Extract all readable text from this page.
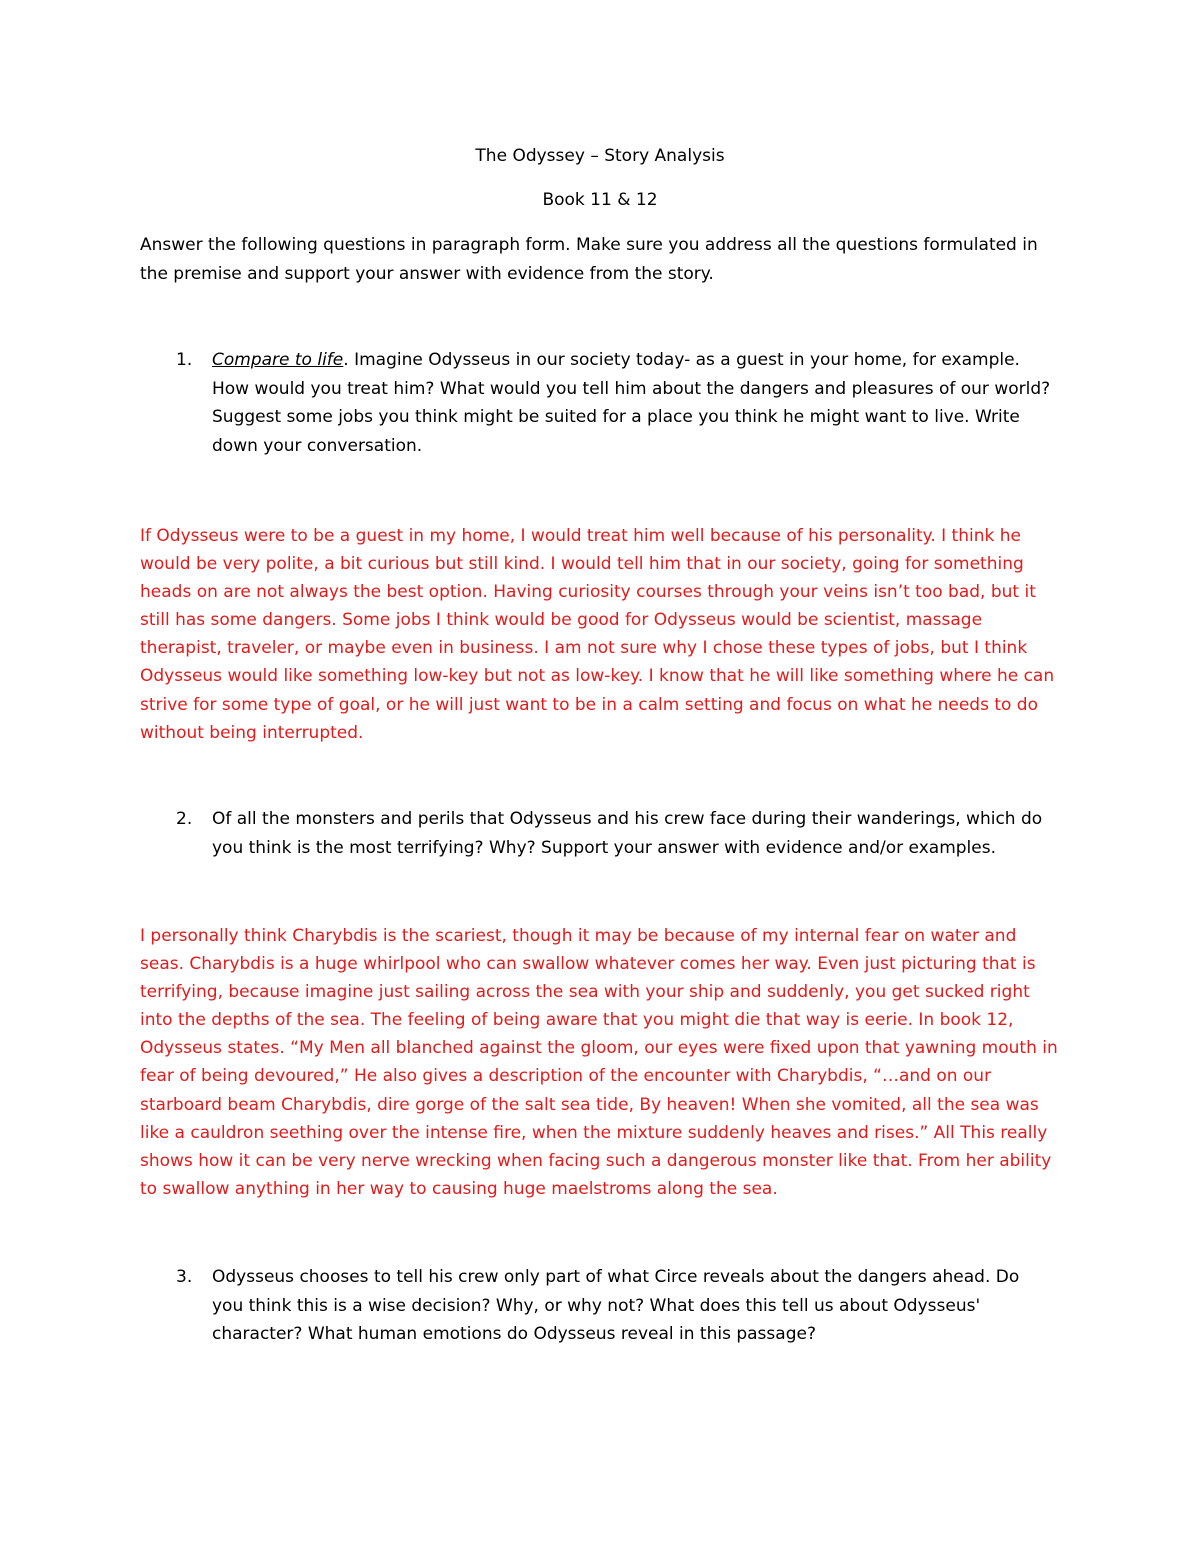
The Odyssey – Story Analysis
Book 11 & 12
Answer the following questions in paragraph form. Make sure you address all the questions formulated in the premise and support your answer with evidence from the story.
1. Compare to life. Imagine Odysseus in our society today- as a guest in your home, for example. How would you treat him? What would you tell him about the dangers and pleasures of our world? Suggest some jobs you think might be suited for a place you think he might want to live. Write down your conversation.
If Odysseus were to be a guest in my home, I would treat him well because of his personality. I think he would be very polite, a bit curious but still kind. I would tell him that in our society, going for something heads on are not always the best option. Having curiosity courses through your veins isn’t too bad, but it still has some dangers. Some jobs I think would be good for Odysseus would be scientist, massage therapist, traveler, or maybe even in business. I am not sure why I chose these types of jobs, but I think Odysseus would like something low-key but not as low-key. I know that he will like something where he can strive for some type of goal, or he will just want to be in a calm setting and focus on what he needs to do without being interrupted.
2. Of all the monsters and perils that Odysseus and his crew face during their wanderings, which do you think is the most terrifying? Why? Support your answer with evidence and/or examples.
I personally think Charybdis is the scariest, though it may be because of my internal fear on water and seas. Charybdis is a huge whirlpool who can swallow whatever comes her way. Even just picturing that is terrifying, because imagine just sailing across the sea with your ship and suddenly, you get sucked right into the depths of the sea. The feeling of being aware that you might die that way is eerie. In book 12, Odysseus states. “My Men all blanched against the gloom, our eyes were fixed upon that yawning mouth in fear of being devoured,” He also gives a description of the encounter with Charybdis, “…and on our starboard beam Charybdis, dire gorge of the salt sea tide, By heaven! When she vomited, all the sea was like a cauldron seething over the intense fire, when the mixture suddenly heaves and rises.” All This really shows how it can be very nerve wrecking when facing such a dangerous monster like that. From her ability to swallow anything in her way to causing huge maelstroms along the sea.
3. Odysseus chooses to tell his crew only part of what Circe reveals about the dangers ahead. Do you think this is a wise decision? Why, or why not? What does this tell us about Odysseus' character? What human emotions do Odysseus reveal in this passage?
